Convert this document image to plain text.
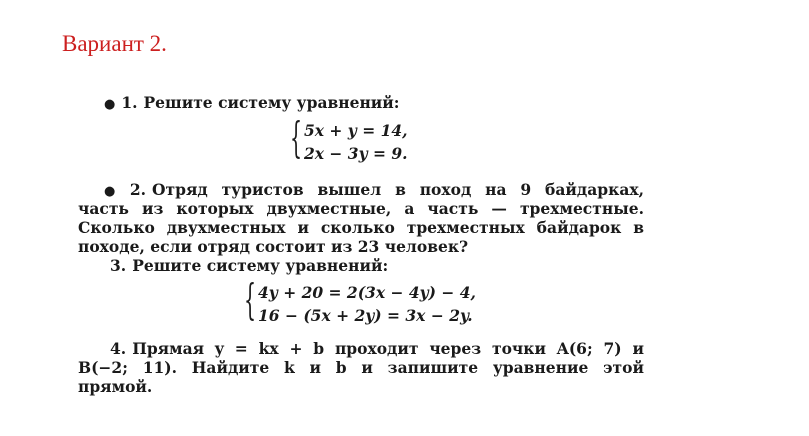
Вариант 2.
● 1. Решите систему уравнений:
{ 5x + y = 14,
2x − 3y = 9.
● 2. Отряд туристов вышел в поход на 9 байдарках,
часть из которых двухместные, а часть — трехместные.
Сколько двухместных и сколько трехместных байдарок в
походе, если отряд состоит из 23 человек?
3. Решите систему уравнений:
{ 4y + 20 = 2(3x − 4y) − 4,
16 − (5x + 2y) = 3x − 2y.
4. Прямая y = kx + b проходит через точки A(6; 7) и
B(−2; 11). Найдите k и b и запишите уравнение этой
прямой.
